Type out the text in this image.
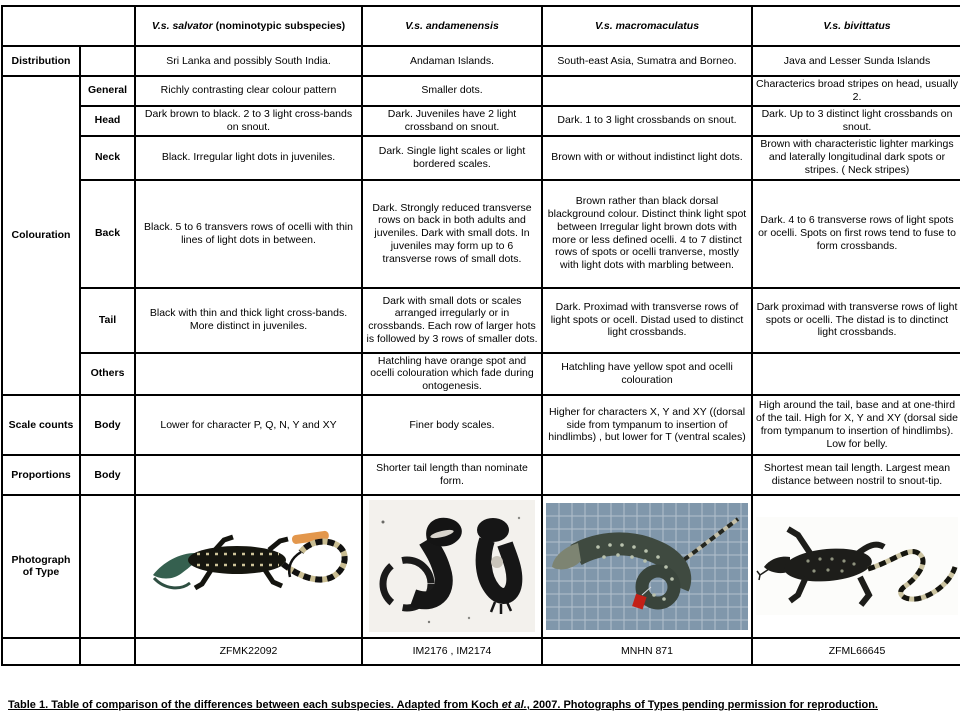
		V.s. salvator (nominotypic subspecies)	V.s. andamenensis	V.s. macromaculatus	V.s. bivittatus
Distribution		Sri Lanka and possibly South India.	Andaman Islands.	South-east Asia, Sumatra and Borneo.	Java and Lesser Sunda Islands
Colouration	General	Richly contrasting clear colour pattern	Smaller dots.		Characterics broad stripes on head, usually 2.
	Head	Dark brown to black. 2 to 3 light cross-bands on snout.	Dark. Juveniles have 2 light crossband on snout.	Dark. 1 to 3 light crossbands on snout.	Dark. Up to 3 distinct light crossbands on snout.
	Neck	Black. Irregular light dots in juveniles.	Dark. Single light scales or light bordered scales.	Brown with or without indistinct light dots.	Brown with characteristic lighter markings and laterally longitudinal dark spots or stripes. ( Neck stripes)
	Back	Black. 5 to 6 transvers rows of ocelli with thin lines of light dots in between.	Dark. Strongly reduced transverse rows on back in both adults and juveniles. Dark with small dots. In juveniles may form up to 6 transverse rows of small dots.	Brown rather than black dorsal blackground colour. Distinct think light spot between Irregular light brown dots with more or less defined ocelli. 4 to 7 distinct rows of spots or ocelli tranverse, mostly with light dots with marbling between.	Dark. 4 to 6 transverse rows of light spots or ocelli. Spots on first rows tend to fuse to form crossbands.
	Tail	Black with thin and thick light cross-bands. More distinct in juveniles.	Dark with small dots or scales arranged irregularly or in crossbands. Each row of larger hots is followed by 3 rows of smaller dots.	Dark. Proximad with transverse rows of light spots or ocell. Distad used to distinct light crossbands.	Dark proximad with transverse rows of light spots or ocelli. The distad is to dinctinct light crossbands.
	Others		Hatchling have orange spot and ocelli colouration which fade during ontogenesis.	Hatchling have yellow spot and ocelli colouration	
Scale counts	Body	Lower for character P, Q, N, Y and XY	Finer body scales.	Higher for characters X, Y and XY ((dorsal side from tympanum to insertion of hindlimbs) , but lower for T (ventral scales)	High around the tail, base and at one-third of the tail. High for X, Y and XY (dorsal side from tympanum to insertion of hindlimbs). Low for belly.
Proportions	Body		Shorter tail length than nominate form.		Shortest mean tail length. Largest mean distance between nostril to snout-tip.
Photograph of Type		

		ZFMK22092	IM2176 , IM2174	MNHN 871	ZFML66645
Table 1. Table of comparison of the differences between each subspecies. Adapted from Koch et al., 2007. Photographs of Types pending permission for reproduction.
